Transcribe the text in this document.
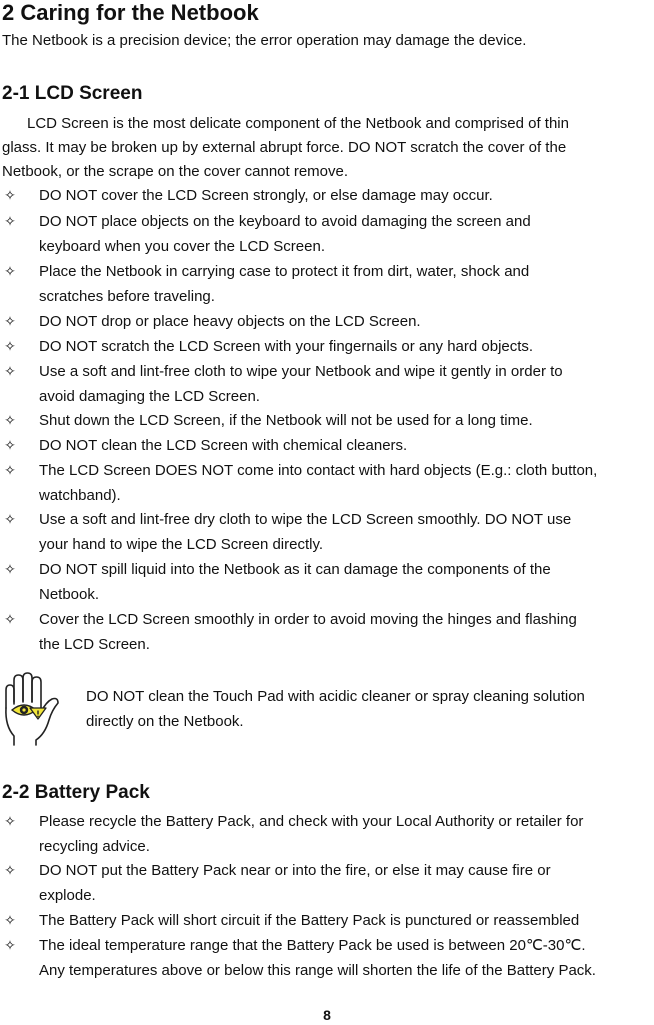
2 Caring for the Netbook
The Netbook is a precision device; the error operation may damage the device.
2-1 LCD Screen
LCD Screen is the most delicate component of the Netbook and comprised of thin
glass. It may be broken up by external abrupt force. DO NOT scratch the cover of the
Netbook, or the scrape on the cover cannot remove.
✧ DO NOT cover the LCD Screen strongly, or else damage may occur.
✧ DO NOT place objects on the keyboard to avoid damaging the screen and
keyboard when you cover the LCD Screen.
✧ Place the Netbook in carrying case to protect it from dirt, water, shock and
scratches before traveling.
✧ DO NOT drop or place heavy objects on the LCD Screen.
✧ DO NOT scratch the LCD Screen with your fingernails or any hard objects.
✧ Use a soft and lint-free cloth to wipe your Netbook and wipe it gently in order to
avoid damaging the LCD Screen.
✧ Shut down the LCD Screen, if the Netbook will not be used for a long time.
✧ DO NOT clean the LCD Screen with chemical cleaners.
✧ The LCD Screen DOES NOT come into contact with hard objects (E.g.: cloth button,
watchband).
✧ Use a soft and lint-free dry cloth to wipe the LCD Screen smoothly. DO NOT use
your hand to wipe the LCD Screen directly.
✧ DO NOT spill liquid into the Netbook as it can damage the components of the
Netbook.
✧ Cover the LCD Screen smoothly in order to avoid moving the hinges and flashing
the LCD Screen.
DO NOT clean the Touch Pad with acidic cleaner or spray cleaning solution
directly on the Netbook.
2-2 Battery Pack
✧ Please recycle the Battery Pack, and check with your Local Authority or retailer for
recycling advice.
✧ DO NOT put the Battery Pack near or into the fire, or else it may cause fire or
explode.
✧ The Battery Pack will short circuit if the Battery Pack is punctured or reassembled
✧ The ideal temperature range that the Battery Pack be used is between 20℃-30℃.
Any temperatures above or below this range will shorten the life of the Battery Pack.
8
